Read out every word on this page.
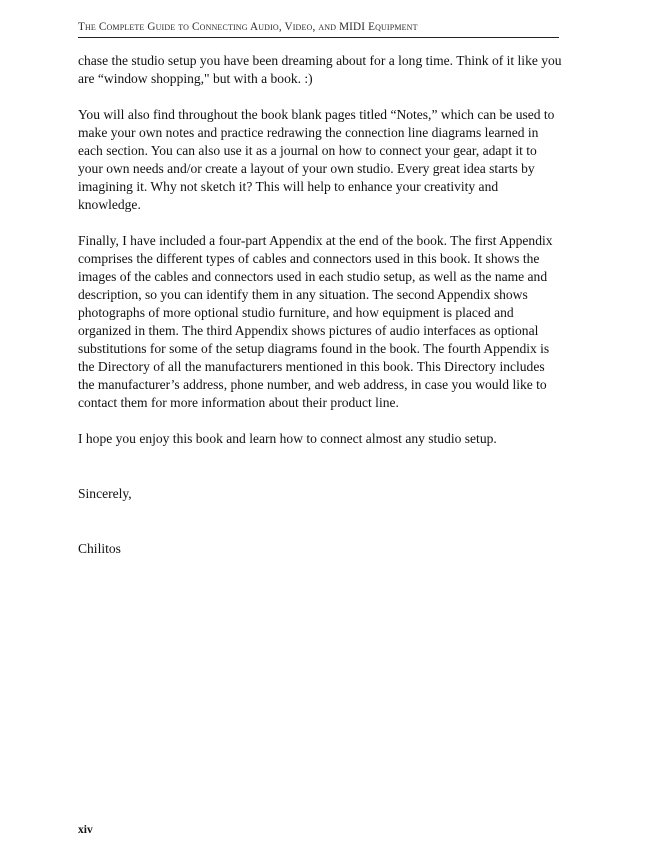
The Complete Guide to Connecting Audio, Video, and MIDI Equipment

chase the studio setup you have been dreaming about for a long time. Think of it like you are “window shopping," but with a book. :)

You will also find throughout the book blank pages titled “Notes,” which can be used to make your own notes and practice redrawing the connection line diagrams learned in each section. You can also use it as a journal on how to connect your gear, adapt it to your own needs and/or create a layout of your own studio. Every great idea starts by imagining it. Why not sketch it? This will help to enhance your creativity and knowledge.

Finally, I have included a four-part Appendix at the end of the book. The first Appendix comprises the different types of cables and connectors used in this book. It shows the images of the cables and connectors used in each studio setup, as well as the name and description, so you can identify them in any situation. The second Appendix shows photographs of more optional studio furniture, and how equipment is placed and organized in them. The third Appendix shows pictures of audio interfaces as optional substitutions for some of the setup diagrams found in the book. The fourth Appendix is the Directory of all the manufacturers mentioned in this book. This Directory includes the manufacturer’s address, phone number, and web address, in case you would like to contact them for more information about their product line.

I hope you enjoy this book and learn how to connect almost any studio setup.

Sincerely,

Chilitos

xiv
